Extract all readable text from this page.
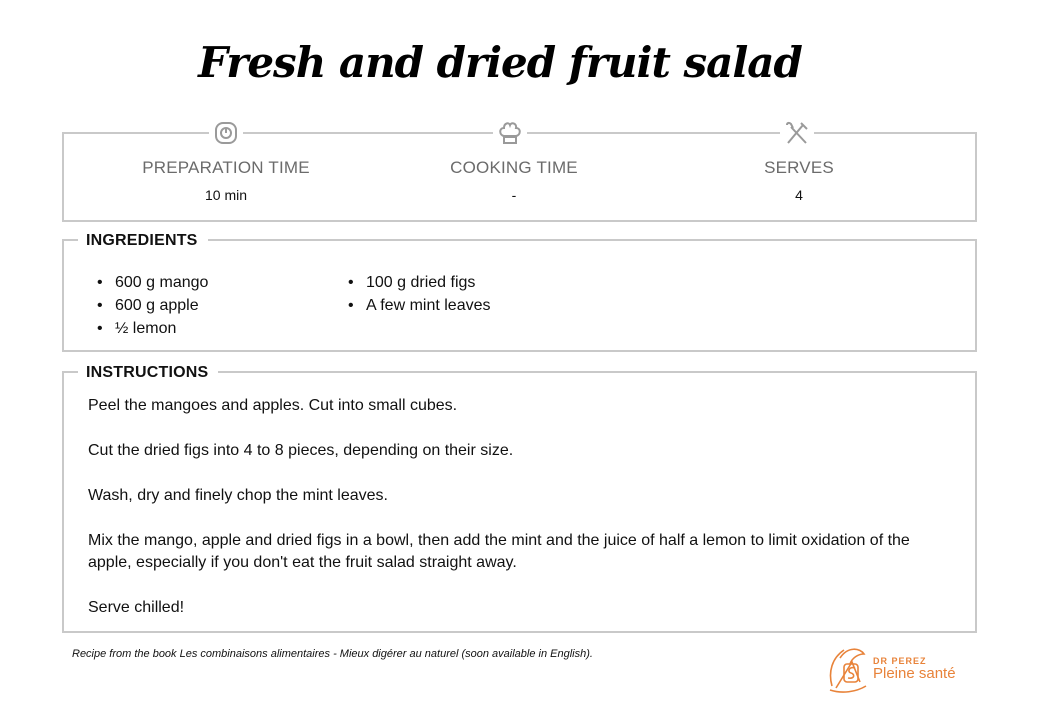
Fresh and dried fruit salad
PREPARATION TIME
10 min
COOKING TIME
-
SERVES
4
INGREDIENTS
• 600 g mango
• 600 g apple
• ½ lemon
• 100 g dried figs
• A few mint leaves
INSTRUCTIONS

Peel the mangoes and apples. Cut into small cubes.

Cut the dried figs into 4 to 8 pieces, depending on their size.

Wash, dry and finely chop the mint leaves.

Mix the mango, apple and dried figs in a bowl, then add the mint and the juice of half a lemon to limit oxidation of the apple, especially if you don't eat the fruit salad straight away.

Serve chilled!

Recipe from the book Les combinaisons alimentaires - Mieux digérer au naturel (soon available in English).
DR PEREZ
Pleine santé
